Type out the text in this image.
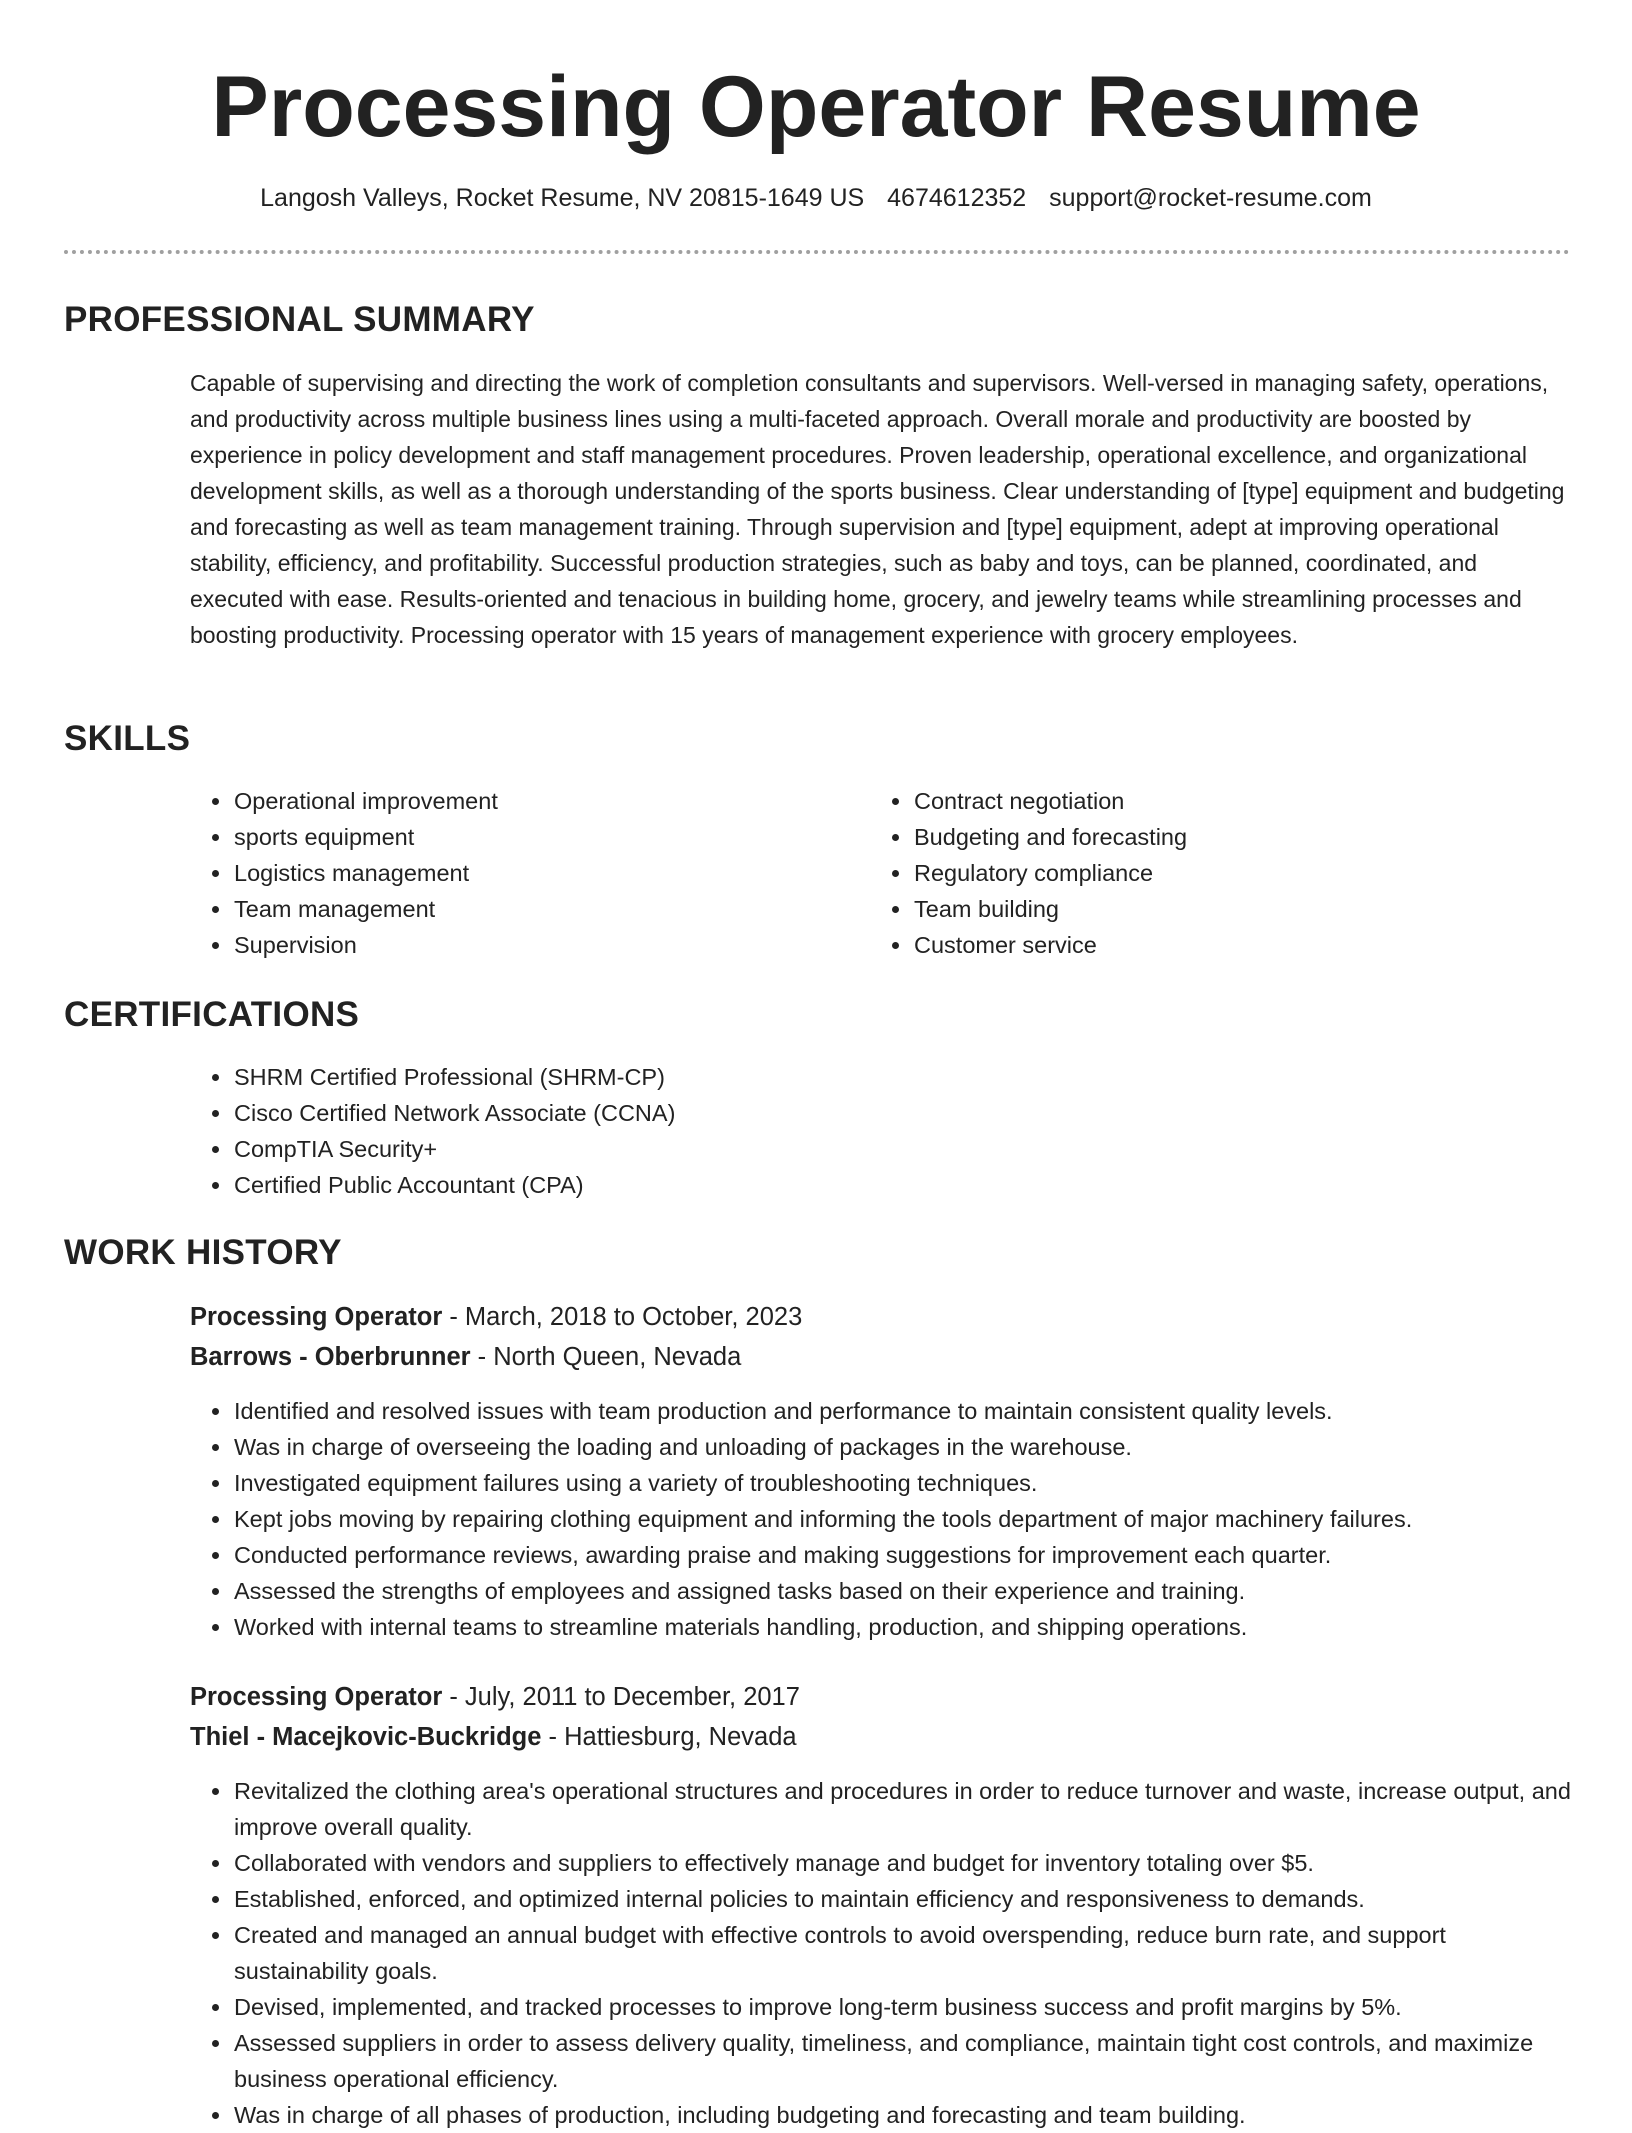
Processing Operator Resume
Langosh Valleys, Rocket Resume, NV 20815-1649 US 4674612352 support@rocket-resume.com
PROFESSIONAL SUMMARY

Capable of supervising and directing the work of completion consultants and supervisors. Well-versed in managing safety, operations, and productivity across multiple business lines using a multi-faceted approach. Overall morale and productivity are boosted by experience in policy development and staff management procedures. Proven leadership, operational excellence, and organizational development skills, as well as a thorough understanding of the sports business. Clear understanding of [type] equipment and budgeting and forecasting as well as team management training. Through supervision and [type] equipment, adept at improving operational stability, efficiency, and profitability. Successful production strategies, such as baby and toys, can be planned, coordinated, and executed with ease. Results-oriented and tenacious in building home, grocery, and jewelry teams while streamlining processes and boosting productivity. Processing operator with 15 years of management experience with grocery employees.

SKILLS
• Operational improvement
• sports equipment
• Logistics management
• Team management
• Supervision
• Contract negotiation
• Budgeting and forecasting
• Regulatory compliance
• Team building
• Customer service
CERTIFICATIONS
• SHRM Certified Professional (SHRM-CP)
• Cisco Certified Network Associate (CCNA)
• CompTIA Security+
• Certified Public Accountant (CPA)
WORK HISTORY
Processing Operator - March, 2018 to October, 2023
Barrows - Oberbrunner - North Queen, Nevada
• Identified and resolved issues with team production and performance to maintain consistent quality levels.
• Was in charge of overseeing the loading and unloading of packages in the warehouse.
• Investigated equipment failures using a variety of troubleshooting techniques.
• Kept jobs moving by repairing clothing equipment and informing the tools department of major machinery failures.
• Conducted performance reviews, awarding praise and making suggestions for improvement each quarter.
• Assessed the strengths of employees and assigned tasks based on their experience and training.
• Worked with internal teams to streamline materials handling, production, and shipping operations.
Processing Operator - July, 2011 to December, 2017
Thiel - Macejkovic-Buckridge - Hattiesburg, Nevada
• Revitalized the clothing area's operational structures and procedures in order to reduce turnover and waste, increase output, and improve overall quality.
• Collaborated with vendors and suppliers to effectively manage and budget for inventory totaling over $5.
• Established, enforced, and optimized internal policies to maintain efficiency and responsiveness to demands.
• Created and managed an annual budget with effective controls to avoid overspending, reduce burn rate, and support sustainability goals.
• Devised, implemented, and tracked processes to improve long-term business success and profit margins by 5%.
• Assessed suppliers in order to assess delivery quality, timeliness, and compliance, maintain tight cost controls, and maximize business operational efficiency.
• Was in charge of all phases of production, including budgeting and forecasting and team building.
